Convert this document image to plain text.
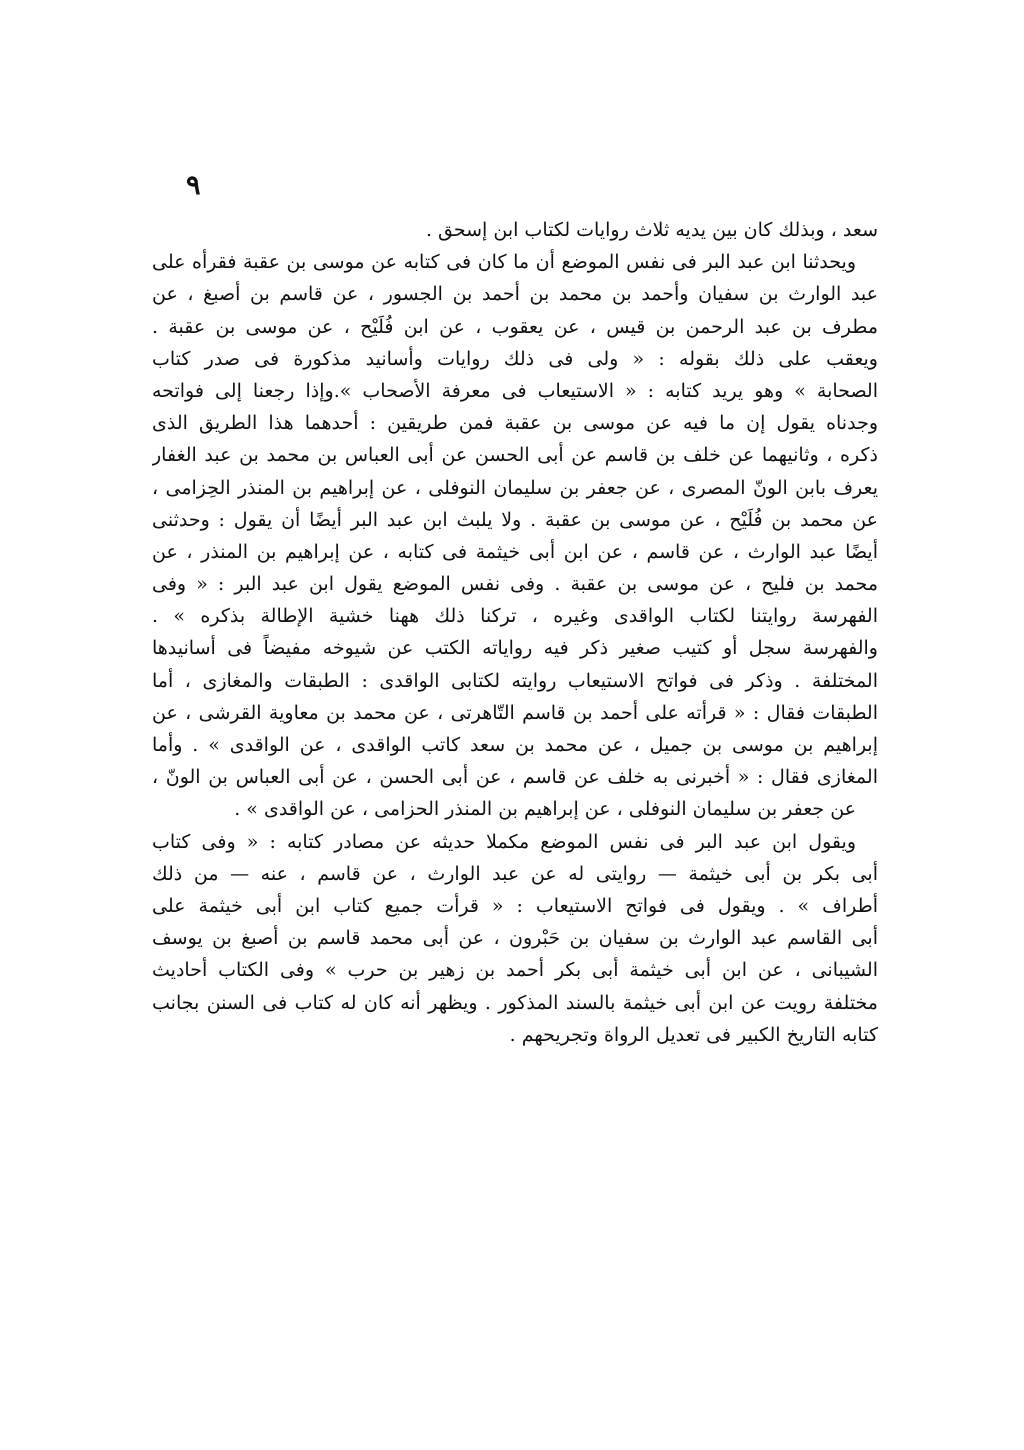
٩
سعد ، وبذلك كان بين يديه ثلاث روايات لكتاب ابن إسحق .
ويحدثنا ابن عبد البر فى نفس الموضع أن ما كان فى كتابه عن موسى بن عقبة فقرأه على
عبد الوارث بن سفيان وأحمد بن محمد بن أحمد بن الجسور ، عن قاسم بن أصبغ ، عن
مطرف بن عبد الرحمن بن قيس ، عن يعقوب ، عن ابن فُلَيْح ، عن موسى بن عقبة .
ويعقب على ذلك بقوله : « ولى فى ذلك روايات وأسانيد مذكورة فى صدر كتاب
الصحابة » وهو يريد كتابه : « الاستيعاب فى معرفة الأصحاب ».وإذا رجعنا إلى فواتحه
وجدناه يقول إن ما فيه عن موسى بن عقبة فمن طريقين : أحدهما هذا الطريق الذى
ذكره ، وثانيهما عن خلف بن قاسم عن أبى الحسن عن أبى العباس بن محمد بن عبد الغفار
يعرف بابن الونّ المصرى ، عن جعفر بن سليمان النوفلى ، عن إبراهيم بن المنذر الحِزامى ،
عن محمد بن فُلَيْح ، عن موسى بن عقبة . ولا يلبث ابن عبد البر أيضًا أن يقول : وحدثنى
أيضًا عبد الوارث ، عن قاسم ، عن ابن أبى خيثمة فى كتابه ، عن إبراهيم بن المنذر ، عن
محمد بن فليح ، عن موسى بن عقبة . وفى نفس الموضع يقول ابن عبد البر : « وفى
الفهرسة روايتنا لكتاب الواقدى وغيره ، تركنا ذلك ههنا خشية الإطالة بذكره » .
والفهرسة سجل أو كتيب صغير ذكر فيه رواياته الكتب عن شيوخه مفيضاً فى أسانيدها
المختلفة . وذكر فى فواتح الاستيعاب روايته لكتابى الواقدى : الطبقات والمغازى ، أما
الطبقات فقال : « قرأته على أحمد بن قاسم التّاهرتى ، عن محمد بن معاوية القرشى ، عن
إبراهيم بن موسى بن جميل ، عن محمد بن سعد كاتب الواقدى ، عن الواقدى » . وأما
المغازى فقال : « أخبرنى به خلف عن قاسم ، عن أبى الحسن ، عن أبى العباس بن الونّ ،
عن جعفر بن سليمان النوفلى ، عن إبراهيم بن المنذر الحزامى ، عن الواقدى » .
ويقول ابن عبد البر فى نفس الموضع مكملا حديثه عن مصادر كتابه : « وفى كتاب
أبى بكر بن أبى خيثمة — روايتى له عن عبد الوارث ، عن قاسم ، عنه — من ذلك
أطراف » . ويقول فى فواتح الاستيعاب : « قرأت جميع كتاب ابن أبى خيثمة على
أبى القاسم عبد الوارث بن سفيان بن حَبْرون ، عن أبى محمد قاسم بن أصبغ بن يوسف
الشيبانى ، عن ابن أبى خيثمة أبى بكر أحمد بن زهير بن حرب » وفى الكتاب أحاديث
مختلفة رويت عن ابن أبى خيثمة بالسند المذكور . ويظهر أنه كان له كتاب فى السنن بجانب
كتابه التاريخ الكبير فى تعديل الرواة وتجريحهم .
